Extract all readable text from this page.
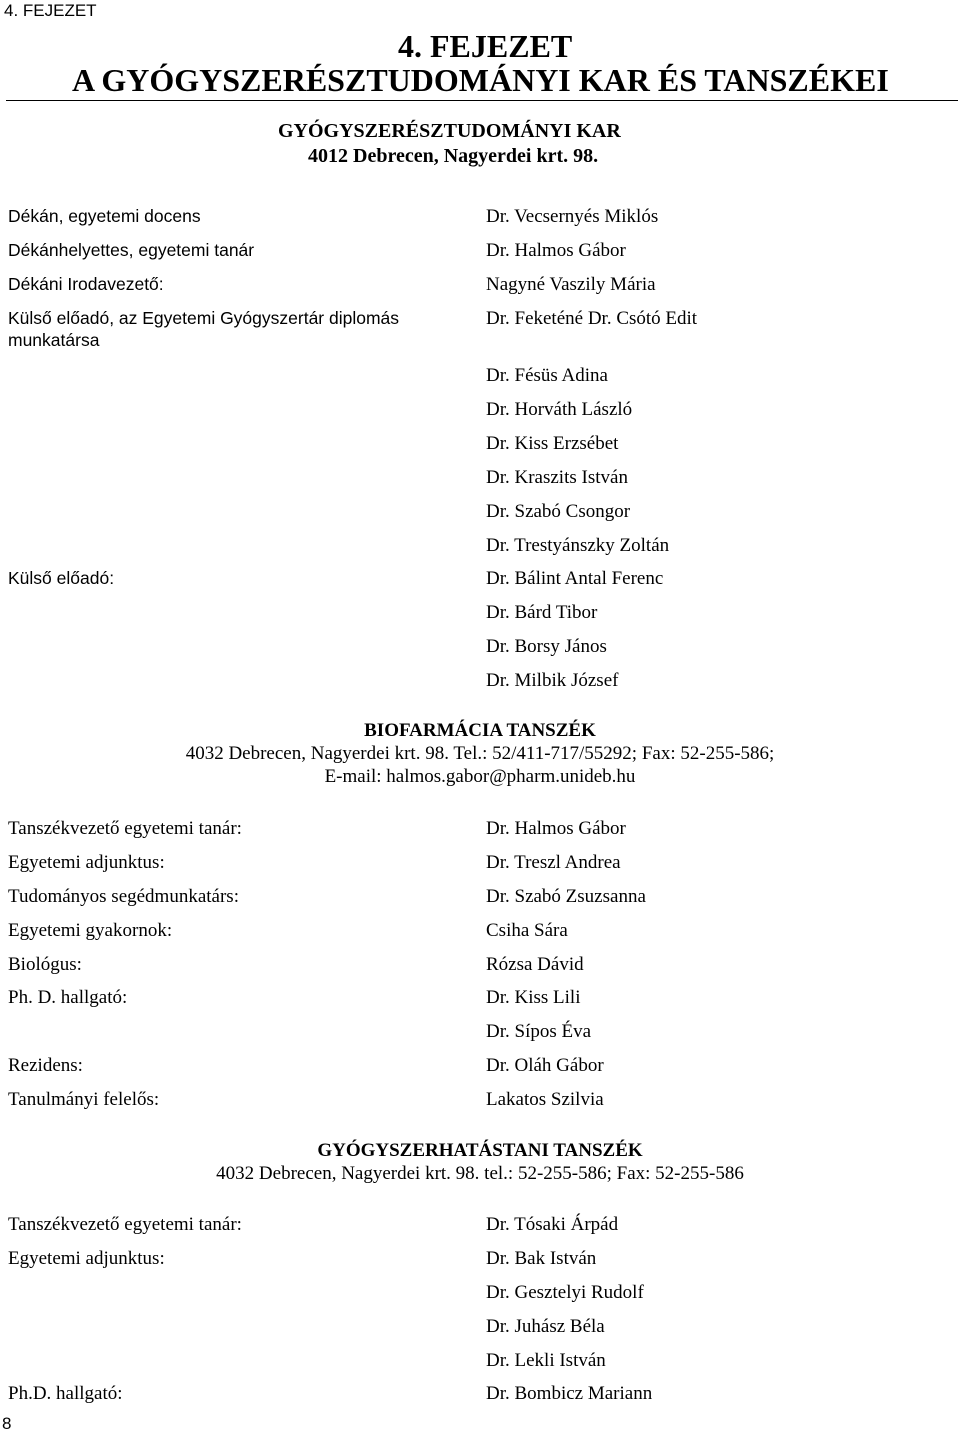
4. FEJEZET
4. FEJEZET
A GYÓGYSZERÉSZTUDOMÁNYI KAR ÉS TANSZÉKEI
GYÓGYSZERÉSZTUDOMÁNYI KAR
4012 Debrecen, Nagyerdei krt. 98.
Dékán, egyetemi docens
Dékánhelyettes, egyetemi tanár
Dékáni Irodavezető:
Külső előadó, az Egyetemi Gyógyszertár diplomás
munkatársa
Külső előadó:
Dr. Vecsernyés Miklós
Dr. Halmos Gábor
Nagyné Vaszily Mária
Dr. Feketéné Dr. Csótó Edit
Dr. Fésüs Adina
Dr. Horváth László
Dr. Kiss Erzsébet
Dr. Kraszits István
Dr. Szabó Csongor
Dr. Trestyánszky Zoltán
Dr. Bálint Antal Ferenc
Dr. Bárd Tibor
Dr. Borsy János
Dr. Milbik József
BIOFARMÁCIA TANSZÉK
4032 Debrecen, Nagyerdei krt. 98. Tel.: 52/411-717/55292; Fax: 52-255-586;
E-mail: halmos.gabor@pharm.unideb.hu
Tanszékvezető egyetemi tanár:
Egyetemi adjunktus:
Tudományos segédmunkatárs:
Egyetemi gyakornok:
Biológus:
Ph. D. hallgató:
Rezidens:
Tanulmányi felelős:
Dr. Halmos Gábor
Dr. Treszl Andrea
Dr. Szabó Zsuzsanna
Csiha Sára
Rózsa Dávid
Dr. Kiss Lili
Dr. Sípos Éva
Dr. Oláh Gábor
Lakatos Szilvia
GYÓGYSZERHATÁSTANI TANSZÉK
4032 Debrecen, Nagyerdei krt. 98. tel.: 52-255-586; Fax: 52-255-586
Tanszékvezető egyetemi tanár:
Egyetemi adjunktus:
Ph.D. hallgató:
Dr. Tósaki Árpád
Dr. Bak István
Dr. Gesztelyi Rudolf
Dr. Juhász Béla
Dr. Lekli István
Dr. Bombicz Mariann
8
